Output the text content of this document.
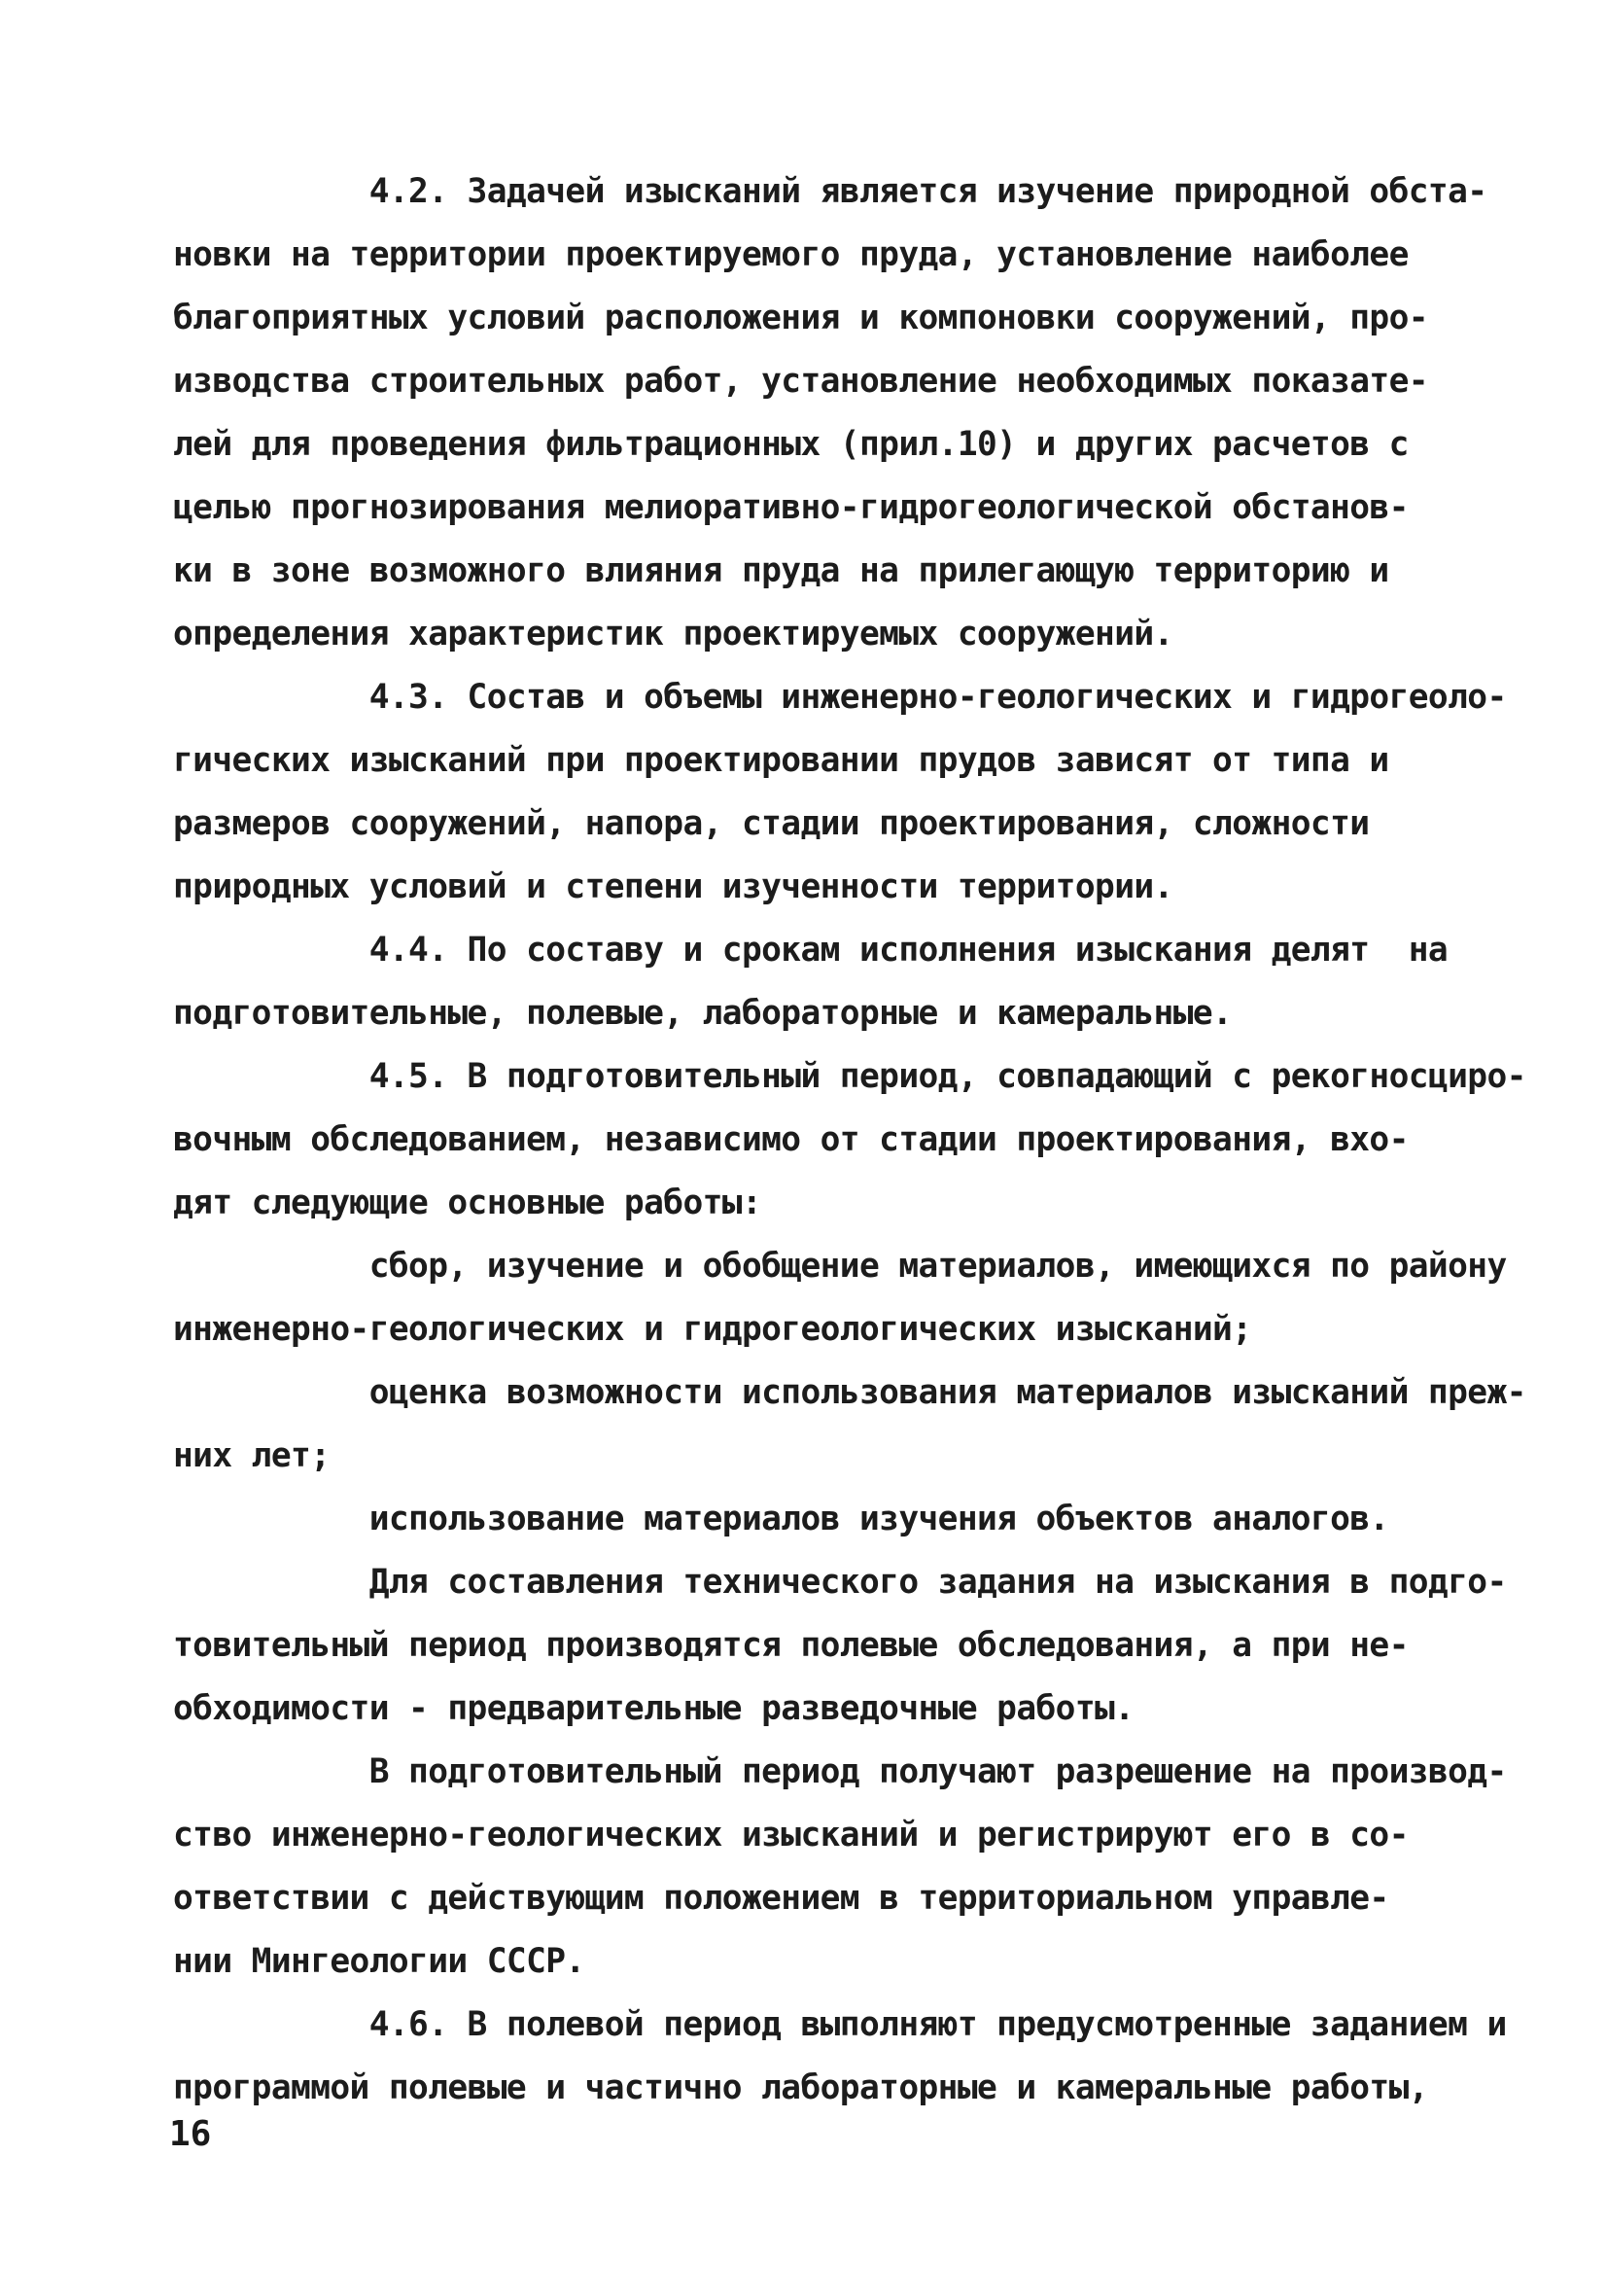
4.2. Задачей изысканий является изучение природной обста-
новки на территории проектируемого пруда, установление наиболее
благоприятных условий расположения и компоновки сооружений, про-
изводства строительных работ, установление необходимых показате-
лей для проведения фильтрационных (прил.10) и других расчетов с
целью прогнозирования мелиоративно-гидрогеологической обстанов-
ки в зоне возможного влияния пруда на прилегающую территорию и
определения характеристик проектируемых сооружений.
4.3. Состав и объемы инженерно-геологических и гидрогеоло-
гических изысканий при проектировании прудов зависят от типа и
размеров сооружений, напора, стадии проектирования, сложности
природных условий и степени изученности территории.
4.4. По составу и срокам исполнения изыскания делят  на
подготовительные, полевые, лабораторные и камеральные.
4.5. В подготовительный период, совпадающий с рекогносциро-
вочным обследованием, независимо от стадии проектирования, вхо-
дят следующие основные работы:
сбор, изучение и обобщение материалов, имеющихся по району
инженерно-геологических и гидрогеологических изысканий;
оценка возможности использования материалов изысканий преж-
них лет;
использование материалов изучения объектов аналогов.
Для составления технического задания на изыскания в подго-
товительный период производятся полевые обследования, а при не-
обходимости - предварительные разведочные работы.
В подготовительный период получают разрешение на производ-
ство инженерно-геологических изысканий и регистрируют его в со-
ответствии с действующим положением в территориальном управле-
нии Мингеологии СССР.
4.6. В полевой период выполняют предусмотренные заданием и
программой полевые и частично лабораторные и камеральные работы,
16
